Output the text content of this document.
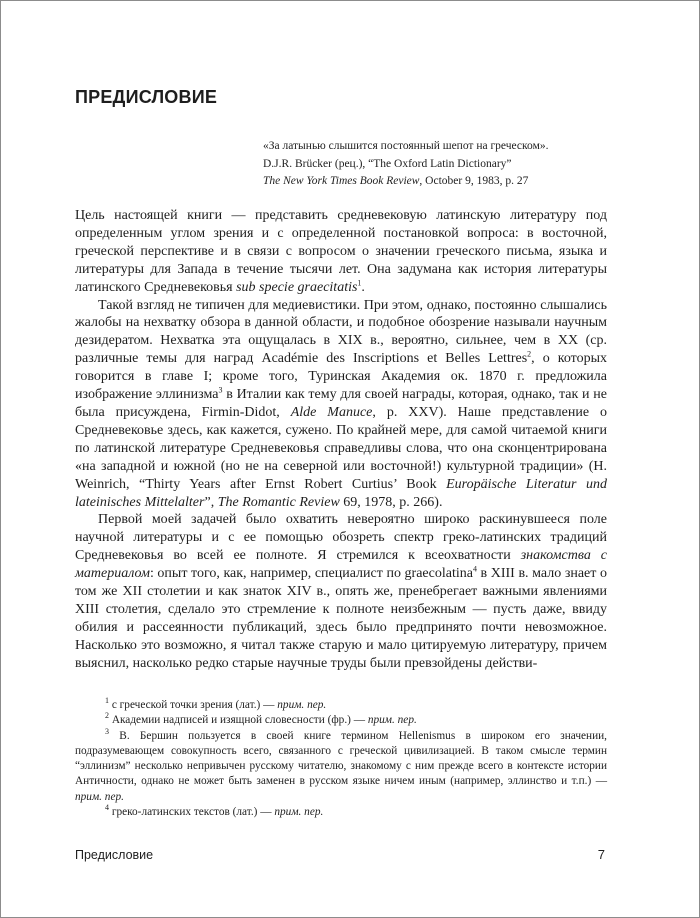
ПРЕДИСЛОВИЕ
«За латынью слышится постоянный шепот на греческом».
D.J.R. Brücker (рец.), “The Oxford Latin Dictionary”
The New York Times Book Review, October 9, 1983, p. 27

Цель настоящей книги — представить средневековую латинскую литературу под определенным углом зрения и с определенной постановкой вопроса: в восточной, греческой перспективе и в связи с вопросом о значении греческого письма, языка и литературы для Запада в течение тысячи лет. Она задумана как история литературы латинского Средневековья sub specie graecitatis$^1$.

Такой взгляд не типичен для медиевистики. При этом, однако, постоянно слышались жалобы на нехватку обзора в данной области, и подобное обозрение называли научным дезидератом. Нехватка эта ощущалась в XIX в., вероятно, сильнее, чем в XX (ср. различные темы для наград Académie des Inscriptions et Belles Lettres$^2$, о которых говорится в главе I; кроме того, Туринская Академия ок. 1870 г. предложила изображение эллинизма$^3$ в Италии как тему для своей награды, которая, однако, так и не была присуждена, Firmin-Didot, Alde Manuce, p. XXV). Наше представление о Средневековье здесь, как кажется, сужено. По крайней мере, для самой читаемой книги по латинской литературе Средневековья справедливы слова, что она сконцентрирована «на западной и южной (но не на северной или восточной!) культурной традиции» (H. Weinrich, “Thirty Years after Ernst Robert Curtius’ Book Europäische Literatur und lateinisches Mittelalter”, The Romantic Review 69, 1978, p. 266).

Первой моей задачей было охватить невероятно широко раскинувшееся поле научной литературы и с ее помощью обозреть спектр греко-латинских традиций Средневековья во всей ее полноте. Я стремился к всеохватности знакомства с материалом: опыт того, как, например, специалист по graecolatina$^4$ в XIII в. мало знает о том же XII столетии и как знаток XIV в., опять же, пренебрегает важными явлениями XIII столетия, сделало это стремление к полноте неизбежным — пусть даже, ввиду обилия и рассеянности публикаций, здесь было предпринято почти невозможное. Насколько это возможно, я читал также старую и мало цитируемую литературу, причем выяснил, насколько редко старые научные труды были превзойдены действи-

$^1$ с греческой точки зрения (лат.) — прим. пер.

$^2$ Академии надписей и изящной словесности (фр.) — прим. пер.

$^3$ В. Бершин пользуется в своей книге термином Hellenismus в широком его значении, подразумевающем совокупность всего, связанного с греческой цивилизацией. В таком смысле термин “эллинизм” несколько непривычен русскому читателю, знакомому с ним прежде всего в контексте истории Античности, однако не может быть заменен в русском языке ничем иным (например, эллинство и т.п.) — прим. пер.

$^4$ греко-латинских текстов (лат.) — прим. пер.

Предисловие	7
